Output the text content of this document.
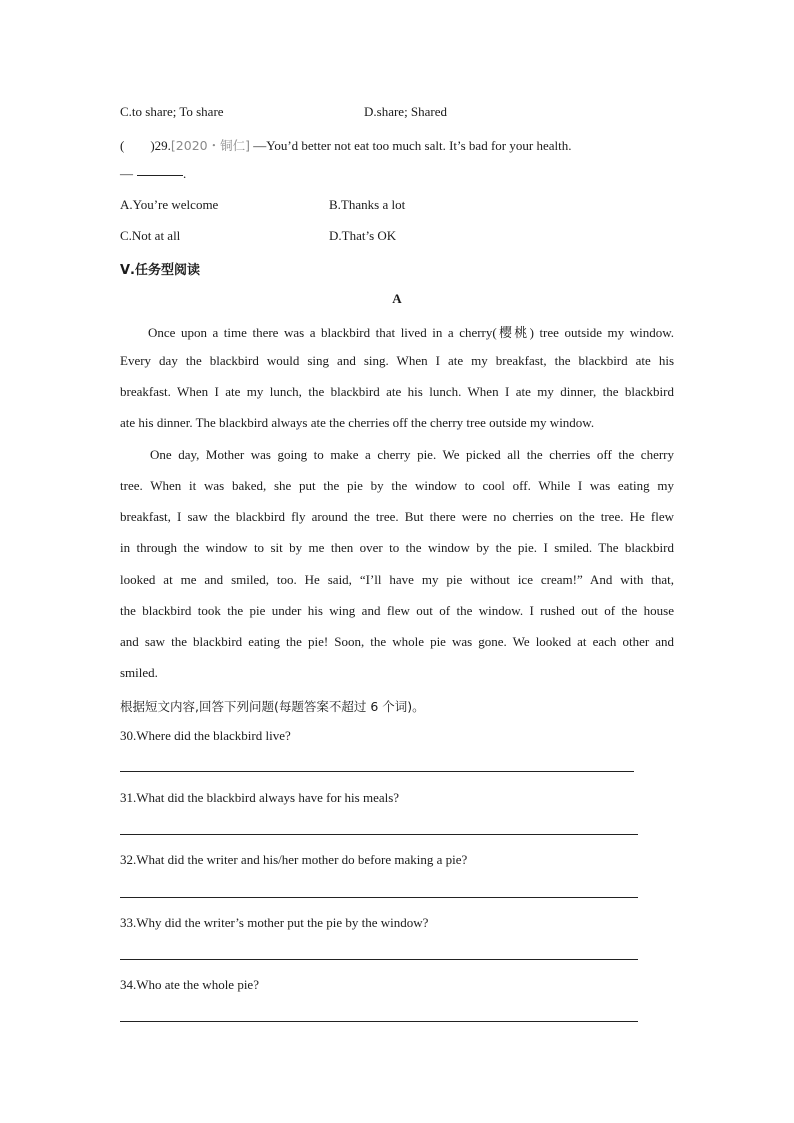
C.to share; To share	D.share; Shared
(　　)29.[2020・铜仁] —You’d better not eat too much salt. It’s bad for your health.
—	.
A.You’re welcome	B.Thanks a lot
C.Not at all	D.That’s OK
Ⅴ.任务型阅读
A
Once upon a time there was a blackbird that lived in a cherry(樱桃) tree outside my window.
Every day the blackbird would sing and sing. When I ate my breakfast, the blackbird ate his
breakfast. When I ate my lunch, the blackbird ate his lunch. When I ate my dinner, the blackbird
ate his dinner. The blackbird always ate the cherries off the cherry tree outside my window.
One day, Mother was going to make a cherry pie. We picked all the cherries off the cherry
tree. When it was baked, she put the pie by the window to cool off. While I was eating my
breakfast, I saw the blackbird fly around the tree. But there were no cherries on the tree. He flew
in through the window to sit by me then over to the window by the pie. I smiled. The blackbird
looked at me and smiled, too. He said, “I’ll have my pie without ice cream!” And with that,
the blackbird took the pie under his wing and flew out of the window. I rushed out of the house
and saw the blackbird eating the pie! Soon, the whole pie was gone. We looked at each other and
smiled.
根据短文内容,回答下列问题(每题答案不超过 6 个词)。
30.Where did the blackbird live?
31.What did the blackbird always have for his meals?
32.What did the writer and his/her mother do before making a pie?
33.Why did the writer’s mother put the pie by the window?
34.Who ate the whole pie?
